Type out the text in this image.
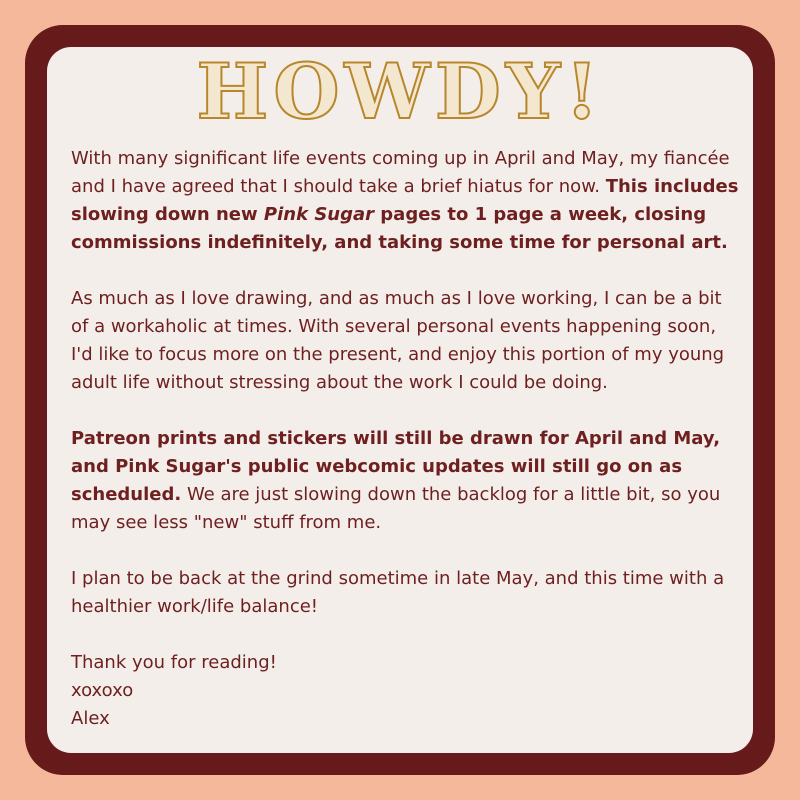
HOWDY!

With many significant life events coming up in April and May, my fiancée and I have agreed that I should take a brief hiatus for now. This includes slowing down new Pink Sugar pages to 1 page a week, closing commissions indefinitely, and taking some time for personal art.

As much as I love drawing, and as much as I love working, I can be a bit of a workaholic at times. With several personal events happening soon, I'd like to focus more on the present, and enjoy this portion of my young adult life without stressing about the work I could be doing.

Patreon prints and stickers will still be drawn for April and May, and Pink Sugar's public webcomic updates will still go on as scheduled. We are just slowing down the backlog for a little bit, so you may see less "new" stuff from me.

I plan to be back at the grind sometime in late May, and this time with a healthier work/life balance!

Thank you for reading!

xoxoxo

Alex
